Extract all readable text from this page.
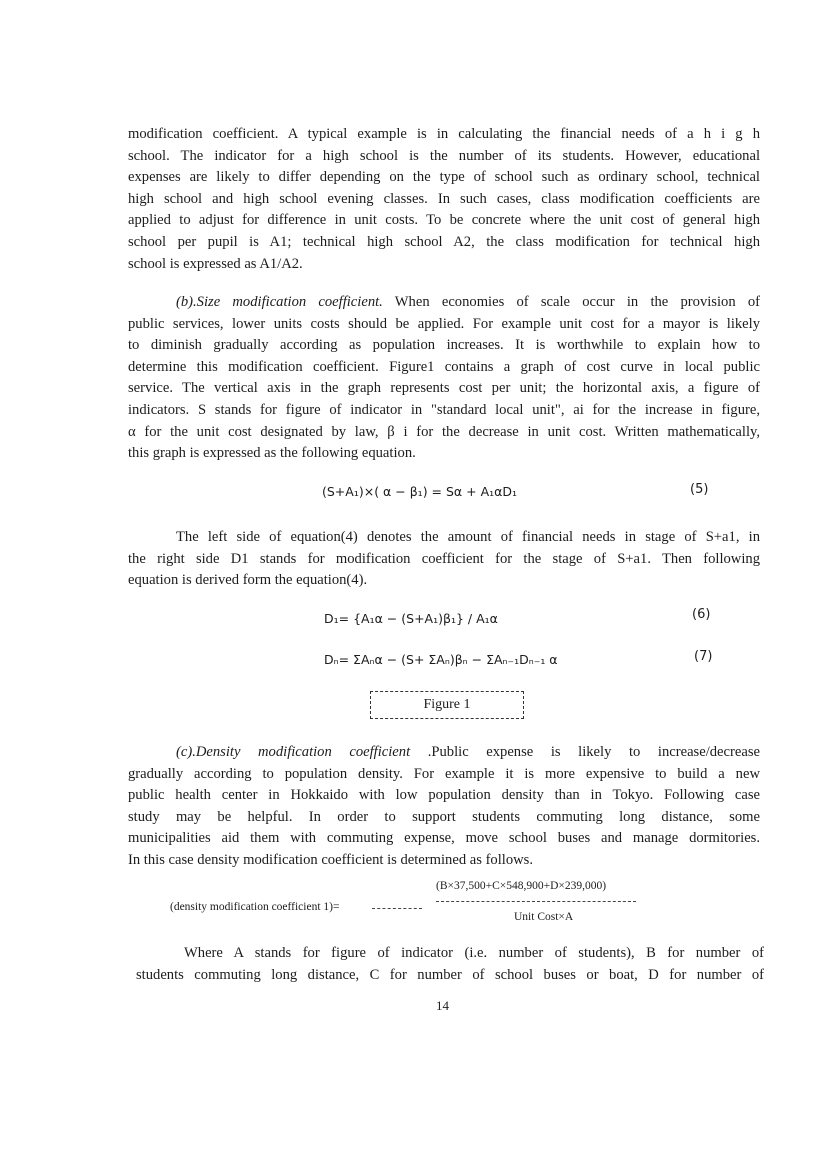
modification coefficient. A typical example is in calculating the financial needs of a h i g h
school. The indicator for a high school is the number of its students. However, educational
expenses are likely to differ depending on the type of school such as ordinary school, technical
high school and high school evening classes. In such cases, class modification coefficients are
applied to adjust for difference in unit costs. To be concrete where the unit cost of general high
school per pupil is A1; technical high school A2, the class modification for technical high
school is expressed as A1/A2.
(b).Size modification coefficient. When economies of scale occur in the provision of
public services, lower units costs should be applied. For example unit cost for a mayor is likely
to diminish gradually according as population increases. It is worthwhile to explain how to
determine this modification coefficient. Figure1 contains a graph of cost curve in local public
service. The vertical axis in the graph represents cost per unit; the horizontal axis, a figure of
indicators. S stands for figure of indicator in "standard local unit", ai for the increase in figure,
α for the unit cost designated by law, β i for the decrease in unit cost. Written mathematically,
this graph is expressed as the following equation.
(S+A₁)×( α − β₁) = Sα + A₁αD₁	(5)
The left side of equation(4) denotes the amount of financial needs in stage of S+a1, in
the right side D1 stands for modification coefficient for the stage of S+a1. Then following
equation is derived form the equation(4).
D₁= {A₁α − (S+A₁)β₁} / A₁α	(6)
Dₙ= ΣAₙα − (S+ ΣAₙ)βₙ − ΣAₙ₋₁Dₙ₋₁ α	(7)
Figure 1
(c).Density modification coefficient .Public expense is likely to increase/decrease
gradually according to population density. For example it is more expensive to build a new
public health center in Hokkaido with low population density than in Tokyo. Following case
study may be helpful. In order to support students commuting long distance, some
municipalities aid them with commuting expense, move school buses and manage dormitories.
In this case density modification coefficient is determined as follows.
(B×37,500+C×548,900+D×239,000)
(density modification coefficient 1)=
Unit Cost×A
Where A stands for figure of indicator (i.e. number of students), B for number of
students commuting long distance, C for number of school buses or boat, D for number of
14
